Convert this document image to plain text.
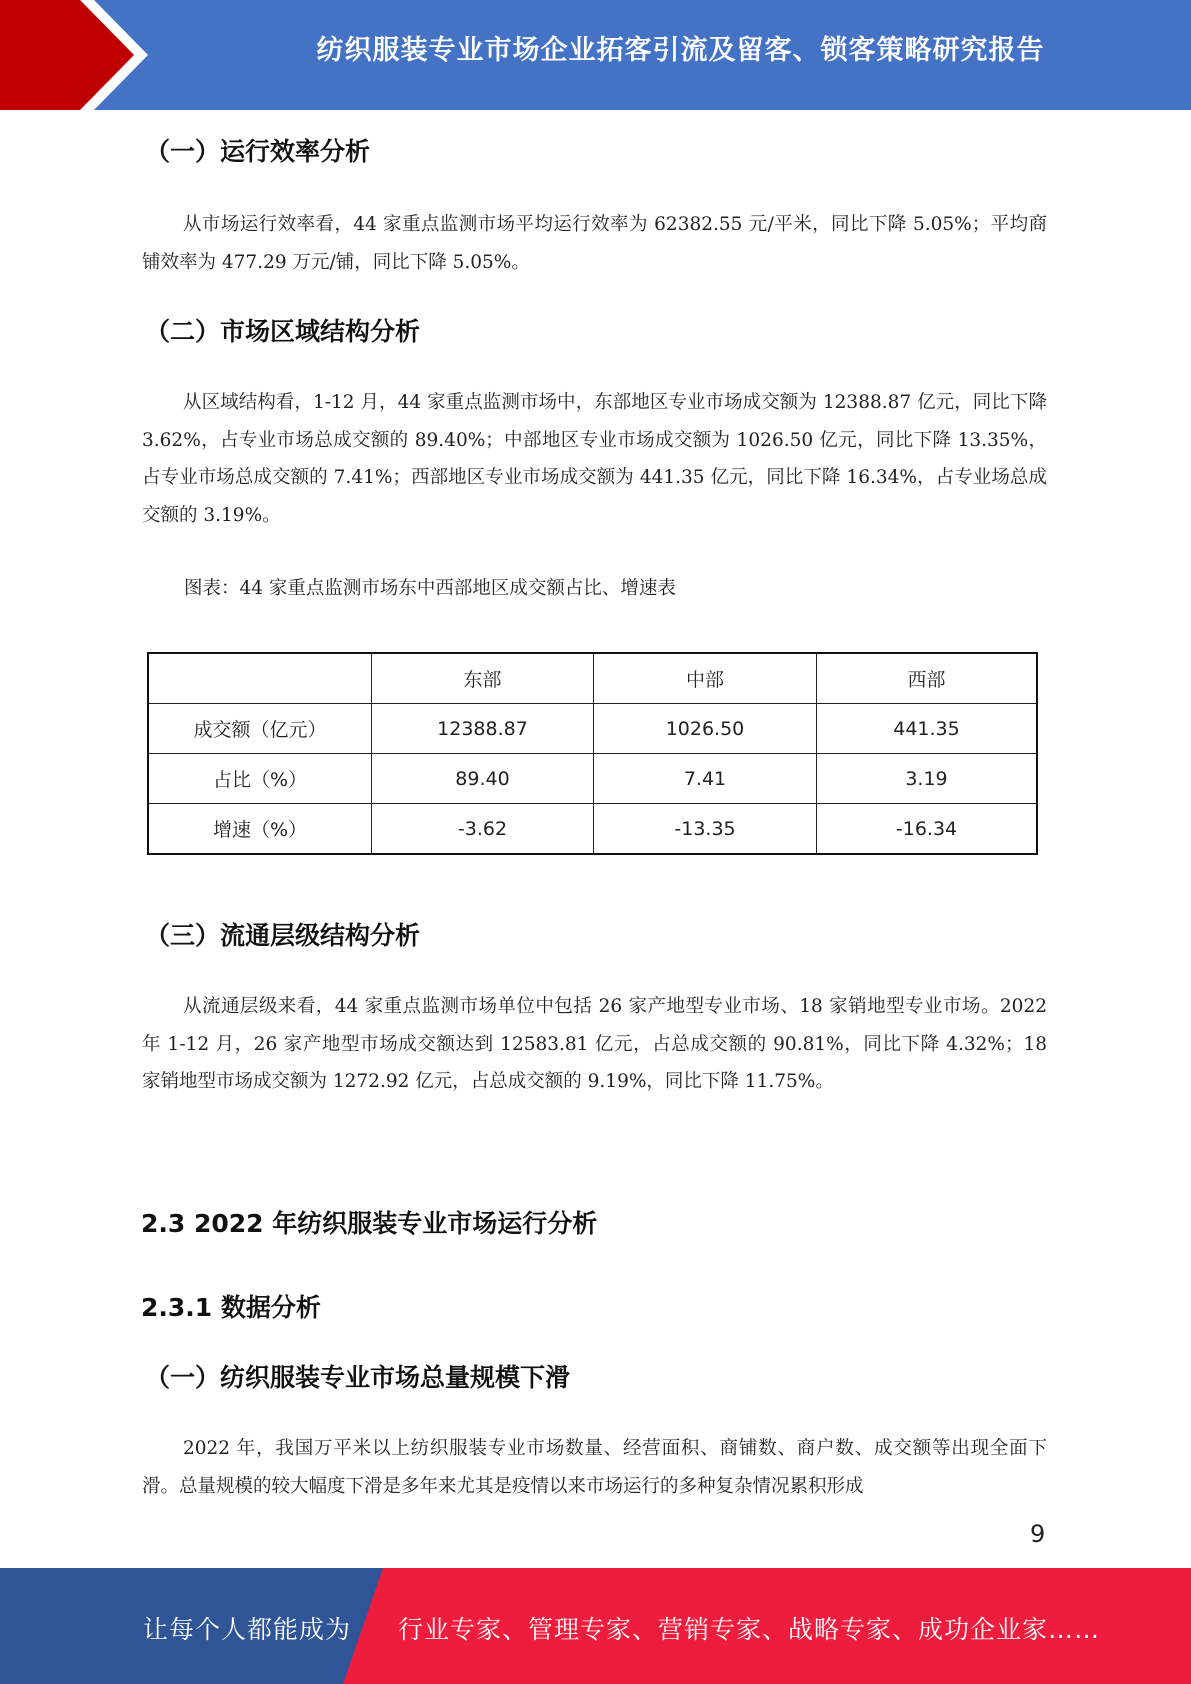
纺织服装专业市场企业拓客引流及留客、锁客策略研究报告
（一）运行效率分析
从市场运行效率看，44 家重点监测市场平均运行效率为 62382.55 元/平米，同比下降 5.05%；平均商铺效率为 477.29 万元/铺，同比下降 5.05%。
（二）市场区域结构分析
从区域结构看，1-12 月，44 家重点监测市场中，东部地区专业市场成交额为 12388.87 亿元，同比下降 3.62%，占专业市场总成交额的 89.40%；中部地区专业市场成交额为 1026.50 亿元，同比下降 13.35%，占专业市场总成交额的 7.41%；西部地区专业市场成交额为 441.35 亿元，同比下降 16.34%，占专业场总成交额的 3.19%。
图表：44 家重点监测市场东中西部地区成交额占比、增速表
	东部	中部	西部
成交额（亿元）	12388.87	1026.50	441.35
占比（%）	89.40	7.41	3.19
增速（%）	-3.62	-13.35	-16.34
（三）流通层级结构分析
从流通层级来看，44 家重点监测市场单位中包括 26 家产地型专业市场、18 家销地型专业市场。2022 年 1-12 月，26 家产地型市场成交额达到 12583.81 亿元，占总成交额的 90.81%，同比下降 4.32%；18 家销地型市场成交额为 1272.92 亿元，占总成交额的 9.19%，同比下降 11.75%。
2.3 2022 年纺织服装专业市场运行分析
2.3.1 数据分析
（一）纺织服装专业市场总量规模下滑
2022 年，我国万平米以上纺织服装专业市场数量、经营面积、商铺数、商户数、成交额等出现全面下滑。总量规模的较大幅度下滑是多年来尤其是疫情以来市场运行的多种复杂情况累积形成
9
让每个人都能成为 行业专家、管理专家、营销专家、战略专家、成功企业家……
